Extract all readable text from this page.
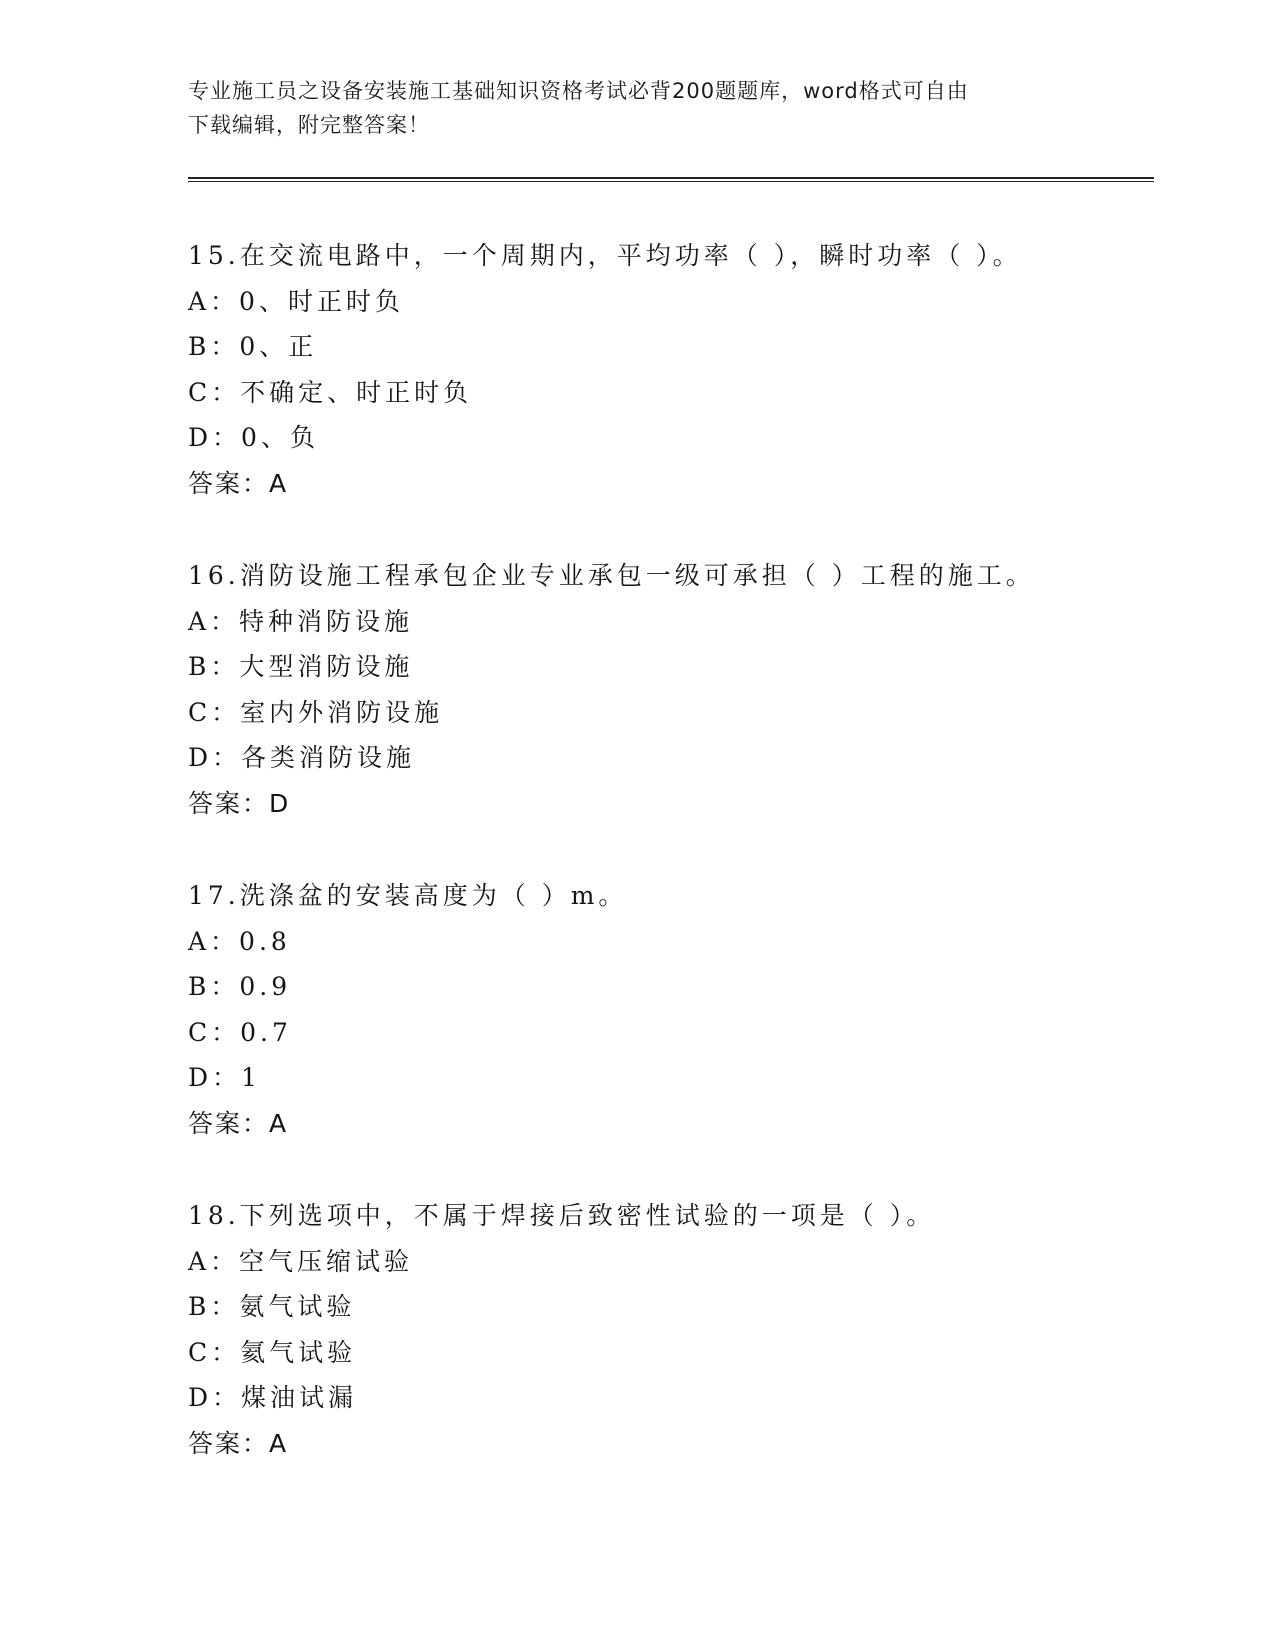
专业施工员之设备安装施工基础知识资格考试必背200题题库，word格式可自由
下载编辑，附完整答案！
15.在交流电路中，一个周期内，平均功率（ ），瞬时功率（ ）。
A：0、时正时负
B：0、正
C：不确定、时正时负
D：0、负
答案：A
16.消防设施工程承包企业专业承包一级可承担（ ）工程的施工。
A：特种消防设施
B：大型消防设施
C：室内外消防设施
D：各类消防设施
答案：D
17.洗涤盆的安装高度为（ ）m。
A：0.8
B：0.9
C：0.7
D：1
答案：A
18.下列选项中，不属于焊接后致密性试验的一项是（ ）。
A：空气压缩试验
B：氨气试验
C：氦气试验
D：煤油试漏
答案：A
